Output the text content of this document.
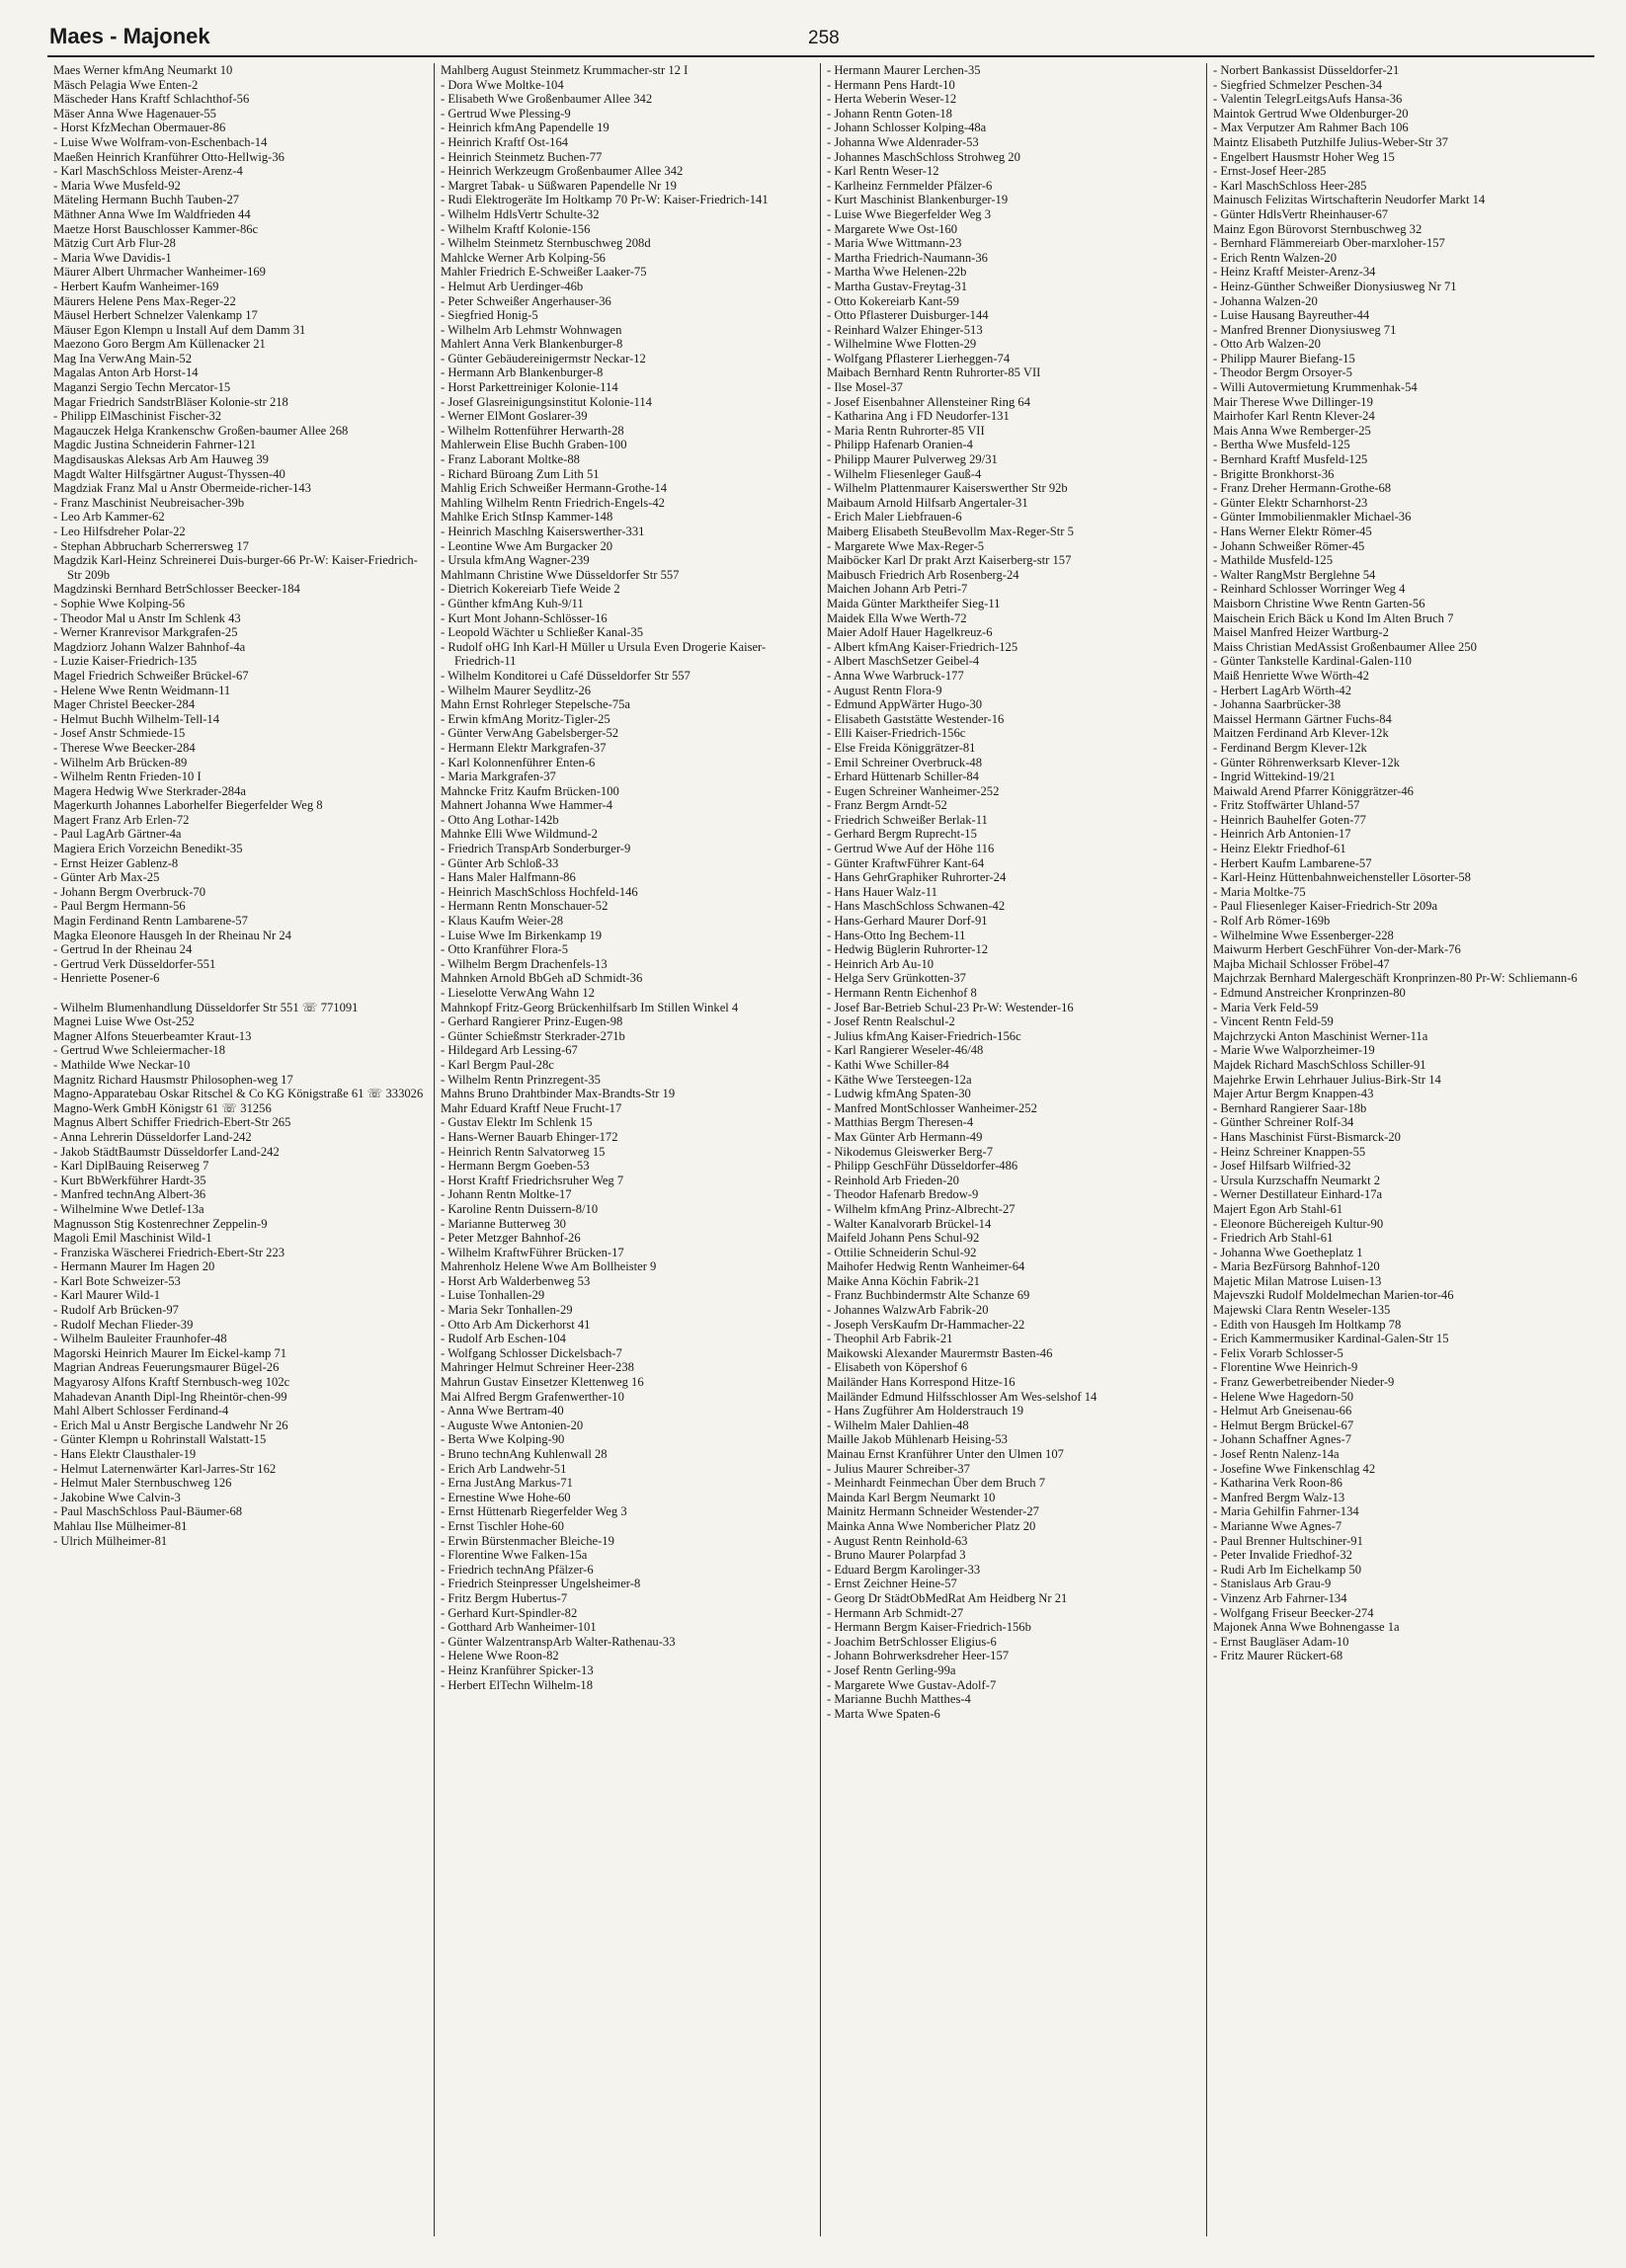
Maes - Majonek	258
Maes Werner kfmAng Neumarkt 10
Mäsch Pelagia Wwe Enten-2
Mäscheder Hans Kraftf Schlachthof-56
Mäser Anna Wwe Hagenauer-55
- Horst KfzMechan Obermauer-86
- Luise Wwe Wolfram-von-Eschenbach-14
Maeßen Heinrich Kranführer Otto-Hellwig-36
- Karl MaschSchloss Meister-Arenz-4
- Maria Wwe Musfeld-92
Mäteling Hermann Buchh Tauben-27
Mäthner Anna Wwe Im Waldfrieden 44
Maetze Horst Bauschlosser Kammer-86c
Mätzig Curt Arb Flur-28
- Maria Wwe Davidis-1
Mäurer Albert Uhrmacher Wanheimer-169
- Herbert Kaufm Wanheimer-169
Mäurers Helene Pens Max-Reger-22
Mäusel Herbert Schnelzer Valenkamp 17
Mäuser Egon Klempn u Install Auf dem Damm 31
Maezono Goro Bergm Am Küllenacker 21
Mag Ina VerwAng Main-52
Magalas Anton Arb Horst-14
Maganzi Sergio Techn Mercator-15
Magar Friedrich SandstrBläser Kolonie-str 218
- Philipp ElMaschinist Fischer-32
Magauczek Helga Krankenschw Großen-baumer Allee 268
Magdic Justina Schneiderin Fahrner-121
Magdisauskas Aleksas Arb Am Hauweg 39
Magdt Walter Hilfsgärtner August-Thyssen-40
Magdziak Franz Mal u Anstr Obermeide-richer-143
- Franz Maschinist Neubreisacher-39b
- Leo Arb Kammer-62
- Leo Hilfsdreher Polar-22
- Stephan Abbrucharb Scherrersweg 17
Magdzik Karl-Heinz Schreinerei Duis-burger-66 Pr-W: Kaiser-Friedrich-Str 209b
Magdzinski Bernhard BetrSchlosser Beecker-184
- Sophie Wwe Kolping-56
- Theodor Mal u Anstr Im Schlenk 43
- Werner Kranrevisor Markgrafen-25
Magdziorz Johann Walzer Bahnhof-4a
- Luzie Kaiser-Friedrich-135
Magel Friedrich Schweißer Brückel-67
- Helene Wwe Rentn Weidmann-11
Mager Christel Beecker-284
- Helmut Buchh Wilhelm-Tell-14
- Josef Anstr Schmiede-15
- Therese Wwe Beecker-284
- Wilhelm Arb Brücken-89
- Wilhelm Rentn Frieden-10 I
Magera Hedwig Wwe Sterkrader-284a
Magerkurth Johannes Laborhelfer Biegerfelder Weg 8
Magert Franz Arb Erlen-72
- Paul LagArb Gärtner-4a
Magiera Erich Vorzeichn Benedikt-35
- Ernst Heizer Gablenz-8
- Günter Arb Max-25
- Johann Bergm Overbruck-70
- Paul Bergm Hermann-56
Magin Ferdinand Rentn Lambarene-57
Magka Eleonore Hausgeh In der Rheinau Nr 24
- Gertrud In der Rheinau 24
- Gertrud Verk Düsseldorfer-551
- Henriette Posener-6

- Wilhelm Blumenhandlung Düsseldorfer Str 551 ☏ 771091
Magnei Luise Wwe Ost-252
Magner Alfons Steuerbeamter Kraut-13
- Gertrud Wwe Schleiermacher-18
- Mathilde Wwe Neckar-10
Magnitz Richard Hausmstr Philosophen-weg 17
Magno-Apparatebau Oskar Ritschel & Co KG Königstraße 61 ☏ 333026
Magno-Werk GmbH Königstr 61 ☏ 31256
Magnus Albert Schiffer Friedrich-Ebert-Str 265
- Anna Lehrerin Düsseldorfer Land-242
- Jakob StädtBaumstr Düsseldorfer Land-242
- Karl DiplBauing Reiserweg 7
- Kurt BbWerkführer Hardt-35
- Manfred technAng Albert-36
- Wilhelmine Wwe Detlef-13a
Magnusson Stig Kostenrechner Zeppelin-9
Magoli Emil Maschinist Wild-1
- Franziska Wäscherei Friedrich-Ebert-Str 223
- Hermann Maurer Im Hagen 20
- Karl Bote Schweizer-53
- Karl Maurer Wild-1
- Rudolf Arb Brücken-97
- Rudolf Mechan Flieder-39
- Wilhelm Bauleiter Fraunhofer-48
Magorski Heinrich Maurer Im Eickel-kamp 71
Magrian Andreas Feuerungsmaurer Bügel-26
Magyarosy Alfons Kraftf Sternbusch-weg 102c
Mahadevan Ananth Dipl-Ing Rheintör-chen-99
Mahl Albert Schlosser Ferdinand-4
- Erich Mal u Anstr Bergische Landwehr Nr 26
- Günter Klempn u Rohrinstall Walstatt-15
- Hans Elektr Clausthaler-19
- Helmut Laternenwärter Karl-Jarres-Str 162
- Helmut Maler Sternbuschweg 126
- Jakobine Wwe Calvin-3
- Paul MaschSchloss Paul-Bäumer-68
Mahlau Ilse Mülheimer-81
- Ulrich Mülheimer-81
Mahlberg August Steinmetz Krummacher-str 12 I
- Dora Wwe Moltke-104
- Elisabeth Wwe Großenbaumer Allee 342
- Gertrud Wwe Plessing-9
- Heinrich kfmAng Papendelle 19
- Heinrich Kraftf Ost-164
- Heinrich Steinmetz Buchen-77
- Heinrich Werkzeugm Großenbaumer Allee 342
- Margret Tabak- u Süßwaren Papendelle Nr 19
- Rudi Elektrogeräte Im Holtkamp 70 Pr-W: Kaiser-Friedrich-141
- Wilhelm HdlsVertr Schulte-32
- Wilhelm Kraftf Kolonie-156
- Wilhelm Steinmetz Sternbuschweg 208d
Mahlcke Werner Arb Kolping-56
Mahler Friedrich E-Schweißer Laaker-75
- Helmut Arb Uerdinger-46b
- Peter Schweißer Angerhauser-36
- Siegfried Honig-5
- Wilhelm Arb Lehmstr Wohnwagen
Mahlert Anna Verk Blankenburger-8
- Günter Gebäudereinigermstr Neckar-12
- Hermann Arb Blankenburger-8
- Horst Parkettreiniger Kolonie-114
- Josef Glasreinigungsinstitut Kolonie-114
- Werner ElMont Goslarer-39
- Wilhelm Rottenführer Herwarth-28
Mahlerwein Elise Buchh Graben-100
- Franz Laborant Moltke-88
- Richard Büroang Zum Lith 51
Mahlig Erich Schweißer Hermann-Grothe-14
Mahling Wilhelm Rentn Friedrich-Engels-42
Mahlke Erich StInsp Kammer-148
- Heinrich Maschlng Kaiserswerther-331
- Leontine Wwe Am Burgacker 20
- Ursula kfmAng Wagner-239
Mahlmann Christine Wwe Düsseldorfer Str 557
- Dietrich Kokereiarb Tiefe Weide 2
- Günther kfmAng Kuh-9/11
- Kurt Mont Johann-Schlösser-16
- Leopold Wächter u Schließer Kanal-35
- Rudolf oHG Inh Karl-H Müller u Ursula Even Drogerie Kaiser-Friedrich-11
- Wilhelm Konditorei u Café Düsseldorfer Str 557
- Wilhelm Maurer Seydlitz-26
Mahn Ernst Rohrleger Stepelsche-75a
- Erwin kfmAng Moritz-Tigler-25
- Günter VerwAng Gabelsberger-52
- Hermann Elektr Markgrafen-37
- Karl Kolonnenführer Enten-6
- Maria Markgrafen-37
Mahncke Fritz Kaufm Brücken-100
Mahnert Johanna Wwe Hammer-4
- Otto Ang Lothar-142b
Mahnke Elli Wwe Wildmund-2
- Friedrich TranspArb Sonderburger-9
- Günter Arb Schloß-33
- Hans Maler Halfmann-86
- Heinrich MaschSchloss Hochfeld-146
- Hermann Rentn Monschauer-52
- Klaus Kaufm Weier-28
- Luise Wwe Im Birkenkamp 19
- Otto Kranführer Flora-5
- Wilhelm Bergm Drachenfels-13
Mahnken Arnold BbGeh aD Schmidt-36
- Lieselotte VerwAng Wahn 12
Mahnkopf Fritz-Georg Brückenhilfsarb Im Stillen Winkel 4
- Gerhard Rangierer Prinz-Eugen-98
- Günter Schießmstr Sterkrader-271b
- Hildegard Arb Lessing-67
- Karl Bergm Paul-28c
- Wilhelm Rentn Prinzregent-35
Mahns Bruno Drahtbinder Max-Brandts-Str 19
Mahr Eduard Kraftf Neue Frucht-17
- Gustav Elektr Im Schlenk 15
- Hans-Werner Bauarb Ehinger-172
- Heinrich Rentn Salvatorweg 15
- Hermann Bergm Goeben-53
- Horst Kraftf Friedrichsruher Weg 7
- Johann Rentn Moltke-17
- Karoline Rentn Duissern-8/10
- Marianne Butterweg 30
- Peter Metzger Bahnhof-26
- Wilhelm KraftwFührer Brücken-17
Mahrenholz Helene Wwe Am Bollheister 9
- Horst Arb Walderbenweg 53
- Luise Tonhallen-29
- Maria Sekr Tonhallen-29
- Otto Arb Am Dickerhorst 41
- Rudolf Arb Eschen-104
- Wolfgang Schlosser Dickelsbach-7
Mahringer Helmut Schreiner Heer-238
Mahrun Gustav Einsetzer Klettenweg 16
Mai Alfred Bergm Grafenwerther-10
- Anna Wwe Bertram-40
- Auguste Wwe Antonien-20
- Berta Wwe Kolping-90
- Bruno technAng Kuhlenwall 28
- Erich Arb Landwehr-51
- Erna JustAng Markus-71
- Ernestine Wwe Hohe-60
- Ernst Hüttenarb Riegerfelder Weg 3
- Ernst Tischler Hohe-60
- Erwin Bürstenmacher Bleiche-19
- Florentine Wwe Falken-15a
- Friedrich technAng Pfälzer-6
- Friedrich Steinpresser Ungelsheimer-8
- Fritz Bergm Hubertus-7
- Gerhard Kurt-Spindler-82
- Gotthard Arb Wanheimer-101
- Günter WalzentranspArb Walter-Rathenau-33
- Helene Wwe Roon-82
- Heinz Kranführer Spicker-13
- Herbert ElTechn Wilhelm-18
- Hermann Maurer Lerchen-35
- Hermann Pens Hardt-10
- Herta Weberin Weser-12
- Johann Rentn Goten-18
- Johann Schlosser Kolping-48a
- Johanna Wwe Aldenrader-53
- Johannes MaschSchloss Strohweg 20
- Karl Rentn Weser-12
- Karlheinz Fernmelder Pfälzer-6
- Kurt Maschinist Blankenburger-19
- Luise Wwe Biegerfelder Weg 3
- Margarete Wwe Ost-160
- Maria Wwe Wittmann-23
- Martha Friedrich-Naumann-36
- Martha Wwe Helenen-22b
- Martha Gustav-Freytag-31
- Otto Kokereiarb Kant-59
- Otto Pflasterer Duisburger-144
- Reinhard Walzer Ehinger-513
- Wilhelmine Wwe Flotten-29
- Wolfgang Pflasterer Lierheggen-74
Maibach Bernhard Rentn Ruhrorter-85 VII
- Ilse Mosel-37
- Josef Eisenbahner Allensteiner Ring 64
- Katharina Ang i FD Neudorfer-131
- Maria Rentn Ruhrorter-85 VII
- Philipp Hafenarb Oranien-4
- Philipp Maurer Pulverweg 29/31
- Wilhelm Fliesenleger Gauß-4
- Wilhelm Plattenmaurer Kaiserswerther Str 92b
Maibaum Arnold Hilfsarb Angertaler-31
- Erich Maler Liebfrauen-6
Maiberg Elisabeth SteuBevollm Max-Reger-Str 5
- Margarete Wwe Max-Reger-5
Maiböcker Karl Dr prakt Arzt Kaiserberg-str 157
Maibusch Friedrich Arb Rosenberg-24
Maichen Johann Arb Petri-7
Maida Günter Marktheifer Sieg-11
Maidek Ella Wwe Werth-72
Maier Adolf Hauer Hagelkreuz-6
- Albert kfmAng Kaiser-Friedrich-125
- Albert MaschSetzer Geibel-4
- Anna Wwe Warbruck-177
- August Rentn Flora-9
- Edmund AppWärter Hugo-30
- Elisabeth Gaststätte Westender-16
- Elli Kaiser-Friedrich-156c
- Else Freida Königgrätzer-81
- Emil Schreiner Overbruck-48
- Erhard Hüttenarb Schiller-84
- Eugen Schreiner Wanheimer-252
- Franz Bergm Arndt-52
- Friedrich Schweißer Berlak-11
- Gerhard Bergm Ruprecht-15
- Gertrud Wwe Auf der Höhe 116
- Günter KraftwFührer Kant-64
- Hans GehrGraphiker Ruhrorter-24
- Hans Hauer Walz-11
- Hans MaschSchloss Schwanen-42
- Hans-Gerhard Maurer Dorf-91
- Hans-Otto Ing Bechem-11
- Hedwig Büglerin Ruhrorter-12
- Heinrich Arb Au-10
- Helga Serv Grünkotten-37
- Hermann Rentn Eichenhof 8
- Josef Bar-Betrieb Schul-23 Pr-W: Westender-16
- Josef Rentn Realschul-2
- Julius kfmAng Kaiser-Friedrich-156c
- Karl Rangierer Weseler-46/48
- Kathi Wwe Schiller-84
- Käthe Wwe Tersteegen-12a
- Ludwig kfmAng Spaten-30
- Manfred MontSchlosser Wanheimer-252
- Matthias Bergm Theresen-4
- Max Günter Arb Hermann-49
- Nikodemus Gleiswerker Berg-7
- Philipp GeschFühr Düsseldorfer-486
- Reinhold Arb Frieden-20
- Theodor Hafenarb Bredow-9
- Wilhelm kfmAng Prinz-Albrecht-27
- Walter Kanalvorarb Brückel-14
Maifeld Johann Pens Schul-92
- Ottilie Schneiderin Schul-92
Maihofer Hedwig Rentn Wanheimer-64
Maike Anna Köchin Fabrik-21
- Franz Buchbindermstr Alte Schanze 69
- Johannes WalzwArb Fabrik-20
- Joseph VersKaufm Dr-Hammacher-22
- Theophil Arb Fabrik-21
Maikowski Alexander Maurermstr Basten-46
- Elisabeth von Köpershof 6
Mailänder Hans Korrespond Hitze-16
Mailänder Edmund Hilfsschlosser Am Wes-selshof 14
- Hans Zugführer Am Holderstrauch 19
- Wilhelm Maler Dahlien-48
Maille Jakob Mühlenarb Heising-53
Mainau Ernst Kranführer Unter den Ulmen 107
- Julius Maurer Schreiber-37
- Meinhardt Feinmechan Über dem Bruch 7
Mainda Karl Bergm Neumarkt 10
Mainitz Hermann Schneider Westender-27
Mainka Anna Wwe Nombericher Platz 20
- August Rentn Reinhold-63
- Bruno Maurer Polarpfad 3
- Eduard Bergm Karolinger-33
- Ernst Zeichner Heine-57
- Georg Dr StädtObMedRat Am Heidberg Nr 21
- Hermann Arb Schmidt-27
- Hermann Bergm Kaiser-Friedrich-156b
- Joachim BetrSchlosser Eligius-6
- Johann Bohrwerksdreher Heer-157
- Josef Rentn Gerling-99a
- Margarete Wwe Gustav-Adolf-7
- Marianne Buchh Matthes-4
- Marta Wwe Spaten-6
- Norbert Bankassist Düsseldorfer-21
- Siegfried Schmelzer Peschen-34
- Valentin TelegrLeitgsAufs Hansa-36
Maintok Gertrud Wwe Oldenburger-20
- Max Verputzer Am Rahmer Bach 106
Maintz Elisabeth Putzhilfe Julius-Weber-Str 37
- Engelbert Hausmstr Hoher Weg 15
- Ernst-Josef Heer-285
- Karl MaschSchloss Heer-285
Mainusch Felizitas Wirtschafterin Neudorfer Markt 14
- Günter HdlsVertr Rheinhauser-67
Mainz Egon Bürovorst Sternbuschweg 32
- Bernhard Flämmereiarb Ober-marxloher-157
- Erich Rentn Walzen-20
- Heinz Kraftf Meister-Arenz-34
- Heinz-Günther Schweißer Dionysiusweg Nr 71
- Johanna Walzen-20
- Luise Hausang Bayreuther-44
- Manfred Brenner Dionysiusweg 71
- Otto Arb Walzen-20
- Philipp Maurer Biefang-15
- Theodor Bergm Orsoyer-5
- Willi Autovermietung Krummenhak-54
Mair Therese Wwe Dillinger-19
Mairhofer Karl Rentn Klever-24
Mais Anna Wwe Remberger-25
- Bertha Wwe Musfeld-125
- Bernhard Kraftf Musfeld-125
- Brigitte Bronkhorst-36
- Franz Dreher Hermann-Grothe-68
- Günter Elektr Scharnhorst-23
- Günter Immobilienmakler Michael-36
- Hans Werner Elektr Römer-45
- Johann Schweißer Römer-45
- Mathilde Musfeld-125
- Walter RangMstr Berglehne 54
- Reinhard Schlosser Worringer Weg 4
Maisborn Christine Wwe Rentn Garten-56
Maischein Erich Bäck u Kond Im Alten Bruch 7
Maisel Manfred Heizer Wartburg-2
Maiss Christian MedAssist Großenbaumer Allee 250
- Günter Tankstelle Kardinal-Galen-110
Maiß Henriette Wwe Wörth-42
- Herbert LagArb Wörth-42
- Johanna Saarbrücker-38
Maissel Hermann Gärtner Fuchs-84
Maitzen Ferdinand Arb Klever-12k
- Ferdinand Bergm Klever-12k
- Günter Röhrenwerksarb Klever-12k
- Ingrid Wittekind-19/21
Maiwald Arend Pfarrer Königgrätzer-46
- Fritz Stoffwärter Uhland-57
- Heinrich Bauhelfer Goten-77
- Heinrich Arb Antonien-17
- Heinz Elektr Friedhof-61
- Herbert Kaufm Lambarene-57
- Karl-Heinz Hüttenbahnweichensteller Lösorter-58
- Maria Moltke-75
- Paul Fliesenleger Kaiser-Friedrich-Str 209a
- Rolf Arb Römer-169b
- Wilhelmine Wwe Essenberger-228
Maiwurm Herbert GeschFührer Von-der-Mark-76
Majba Michail Schlosser Fröbel-47
Majchrzak Bernhard Malergeschäft Kronprinzen-80 Pr-W: Schliemann-6
- Edmund Anstreicher Kronprinzen-80
- Maria Verk Feld-59
- Vincent Rentn Feld-59
Majchrzycki Anton Maschinist Werner-11a
- Marie Wwe Walporzheimer-19
Majdek Richard MaschSchloss Schiller-91
Majehrke Erwin Lehrhauer Julius-Birk-Str 14
Majer Artur Bergm Knappen-43
- Bernhard Rangierer Saar-18b
- Günther Schreiner Rolf-34
- Hans Maschinist Fürst-Bismarck-20
- Heinz Schreiner Knappen-55
- Josef Hilfsarb Wilfried-32
- Ursula Kurzschaffn Neumarkt 2
- Werner Destillateur Einhard-17a
Majert Egon Arb Stahl-61
- Eleonore Büchereigeh Kultur-90
- Friedrich Arb Stahl-61
- Johanna Wwe Goetheplatz 1
- Maria BezFürsorg Bahnhof-120
Majetic Milan Matrose Luisen-13
Majevszki Rudolf Moldelmechan Marien-tor-46
Majewski Clara Rentn Weseler-135
- Edith von Hausgeh Im Holtkamp 78
- Erich Kammermusiker Kardinal-Galen-Str 15
- Felix Vorarb Schlosser-5
- Florentine Wwe Heinrich-9
- Franz Gewerbetreibender Nieder-9
- Helene Wwe Hagedorn-50
- Helmut Arb Gneisenau-66
- Helmut Bergm Brückel-67
- Johann Schaffner Agnes-7
- Josef Rentn Nalenz-14a
- Josefine Wwe Finkenschlag 42
- Katharina Verk Roon-86
- Manfred Bergm Walz-13
- Maria Gehilfin Fahrner-134
- Marianne Wwe Agnes-7
- Paul Brenner Hultschiner-91
- Peter Invalide Friedhof-32
- Rudi Arb Im Eichelkamp 50
- Stanislaus Arb Grau-9
- Vinzenz Arb Fahrner-134
- Wolfgang Friseur Beecker-274
Majonek Anna Wwe Bohnengasse 1a
- Ernst Baugläser Adam-10
- Fritz Maurer Rückert-68
